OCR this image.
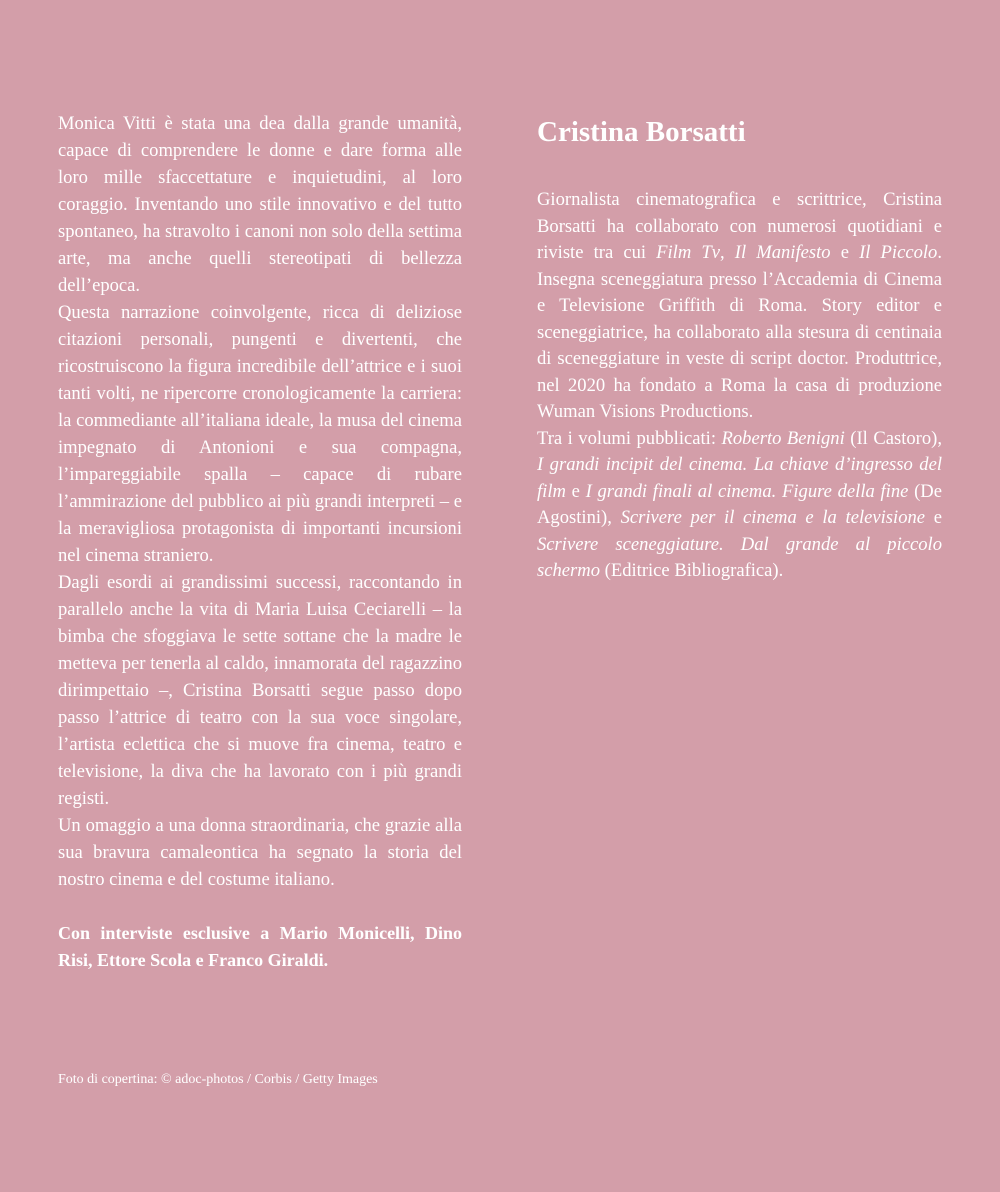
Monica Vitti è stata una dea dalla grande umanità, capace di comprendere le donne e dare forma alle loro mille sfaccettature e inquietudini, al loro coraggio. Inventando uno stile innovativo e del tutto spontaneo, ha stravolto i canoni non solo della settima arte, ma anche quelli stereotipati di bellezza dell’epoca.

Questa narrazione coinvolgente, ricca di deliziose citazioni personali, pungenti e divertenti, che ricostruiscono la figura incredibile dell’attrice e i suoi tanti volti, ne ripercorre cronologicamente la carriera: la commediante all’italiana ideale, la musa del cinema impegnato di Antonioni e sua compagna, l’impareggiabile spalla – capace di rubare l’ammirazione del pubblico ai più grandi interpreti – e la meravigliosa protagonista di importanti incursioni nel cinema straniero.

Dagli esordi ai grandissimi successi, raccontando in parallelo anche la vita di Maria Luisa Ceciarelli – la bimba che sfoggiava le sette sottane che la madre le metteva per tenerla al caldo, innamorata del ragazzino dirimpettaio –, Cristina Borsatti segue passo dopo passo l’attrice di teatro con la sua voce singolare, l’artista eclettica che si muove fra cinema, teatro e televisione, la diva che ha lavorato con i più grandi registi.

Un omaggio a una donna straordinaria, che grazie alla sua bravura camaleontica ha segnato la storia del nostro cinema e del costume italiano.

Con interviste esclusive a Mario Monicelli, Dino Risi, Ettore Scola e Franco Giraldi.

Cristina Borsatti

Giornalista cinematografica e scrittrice, Cristina Borsatti ha collaborato con numerosi quotidiani e riviste tra cui Film Tv, Il Manifesto e Il Piccolo. Insegna sceneggiatura presso l’Accademia di Cinema e Televisione Griffith di Roma. Story editor e sceneggiatrice, ha collaborato alla stesura di centinaia di sceneggiature in veste di script doctor. Produttrice, nel 2020 ha fondato a Roma la casa di produzione Wuman Visions Productions.

Tra i volumi pubblicati: Roberto Benigni (Il Castoro), I grandi incipit del cinema. La chiave d’ingresso del film e I grandi finali al cinema. Figure della fine (De Agostini), Scrivere per il cinema e la televisione e Scrivere sceneggiature. Dal grande al piccolo schermo (Editrice Bibliografica).

Foto di copertina: © adoc-photos / Corbis / Getty Images
